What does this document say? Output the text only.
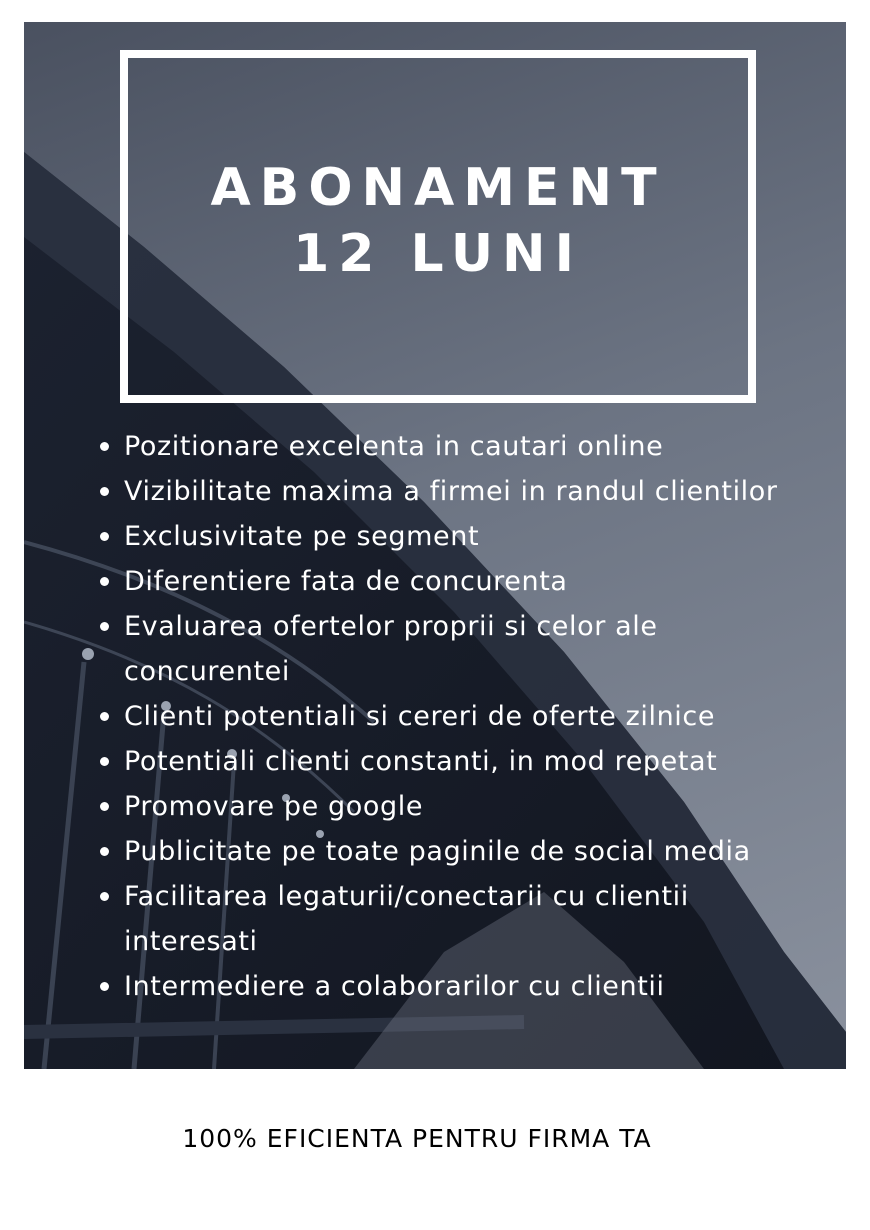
ABONAMENT
12 LUNI
Pozitionare excelenta in cautari online
Vizibilitate maxima a firmei in randul clientilor
Exclusivitate pe segment
Diferentiere fata de concurenta
Evaluarea ofertelor proprii si celor ale concurentei
Clienti potentiali si cereri de oferte zilnice
Potentiali clienti constanti, in mod repetat
Promovare pe google
Publicitate pe toate paginile de social media
Facilitarea legaturii/conectarii cu clientii interesati
Intermediere a colaborarilor cu clientii
100% EFICIENTA PENTRU FIRMA TA
